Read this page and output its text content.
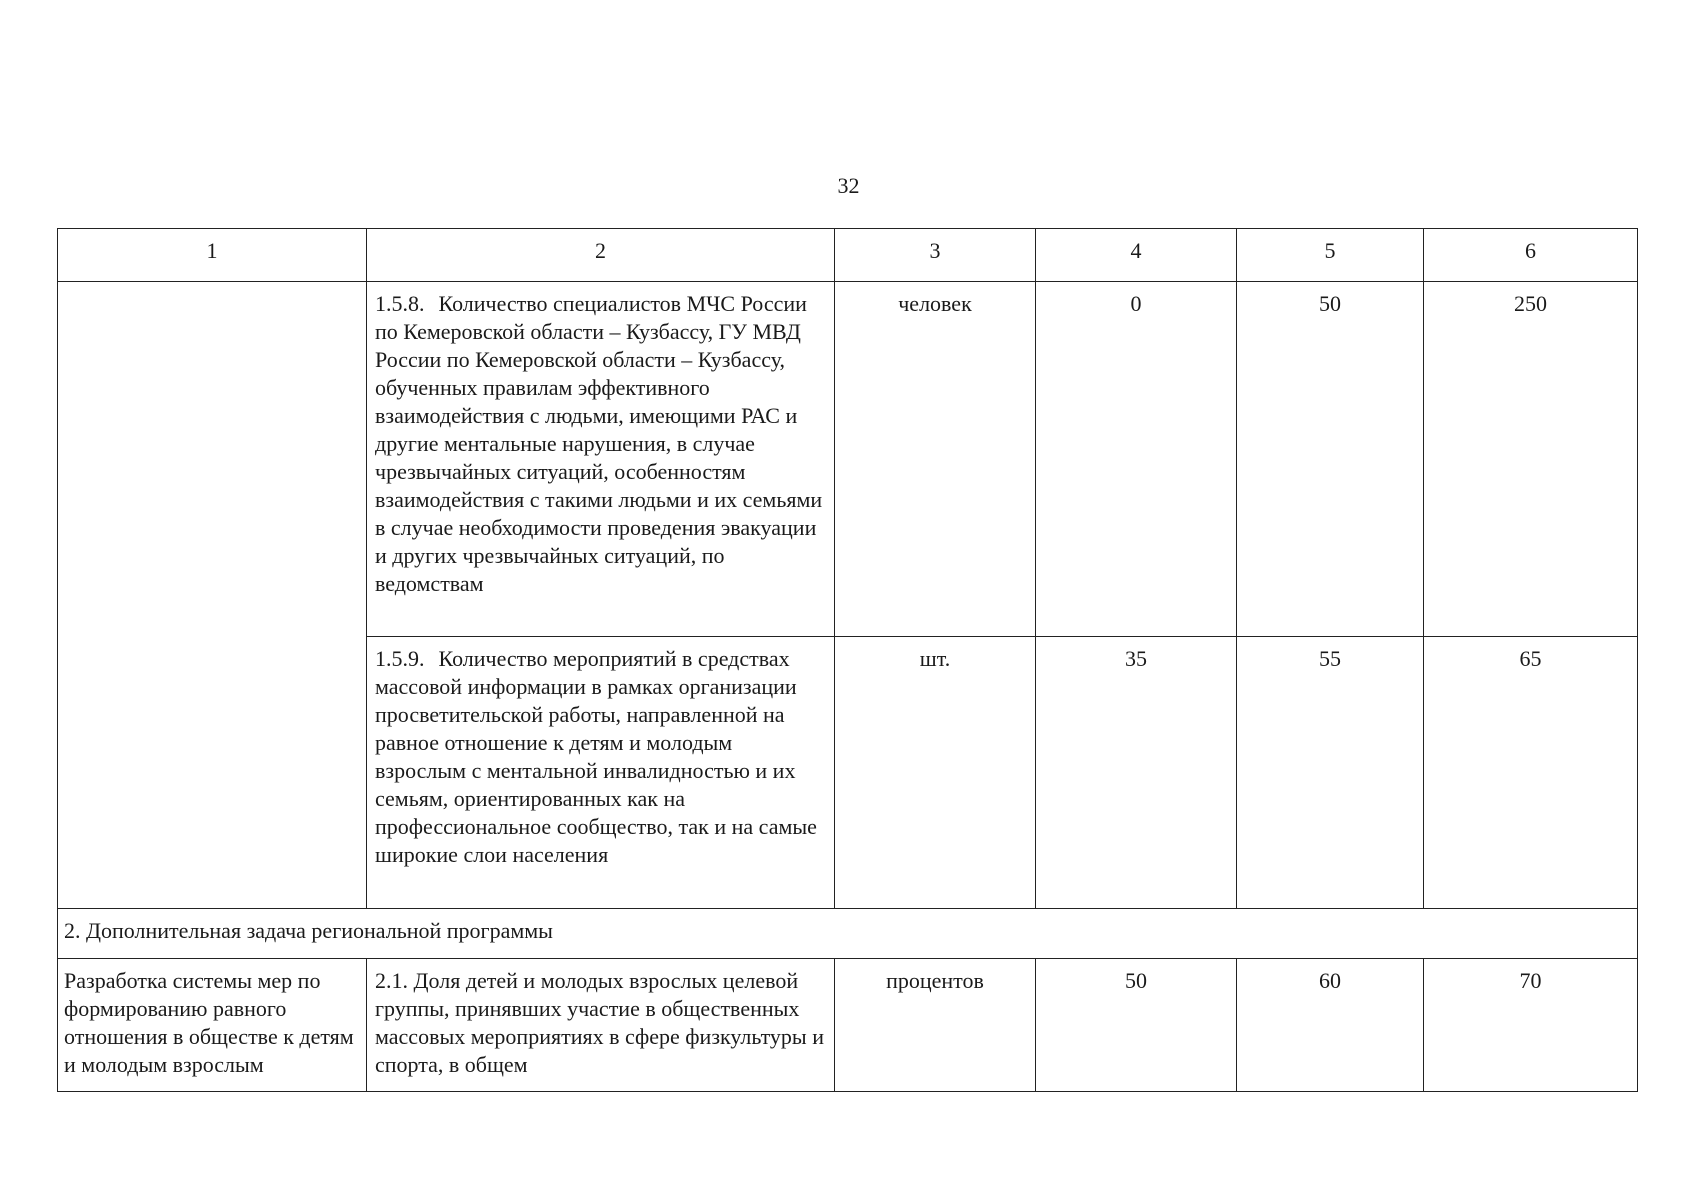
32
1	2	3	4	5	6
	1.5.8. Количество специалистов МЧС России по Кемеровской области – Кузбассу, ГУ МВД России по Кемеровской области – Кузбассу, обученных правилам эффективного взаимодействия с людьми, имеющими РАС и другие ментальные нарушения, в случае чрезвычайных ситуаций, особенностям взаимодействия с такими людьми и их семьями в случае необходимости проведения эвакуации и других чрезвычайных ситуаций, по ведомствам	человек	0	50	250
	1.5.9. Количество мероприятий в средствах массовой информации в рамках организации просветительской работы, направленной на равное отношение к детям и молодым взрослым с ментальной инвалидностью и их семьям, ориентированных как на профессиональное сообщество, так и на самые широкие слои населения	шт.	35	55	65
2. Дополнительная задача региональной программы					
Разработка системы мер по формированию равного отношения в обществе к детям и молодым взрослым	2.1. Доля детей и молодых взрослых целевой группы, принявших участие в общественных массовых мероприятиях в сфере физкультуры и спорта, в общем	процентов	50	60	70
